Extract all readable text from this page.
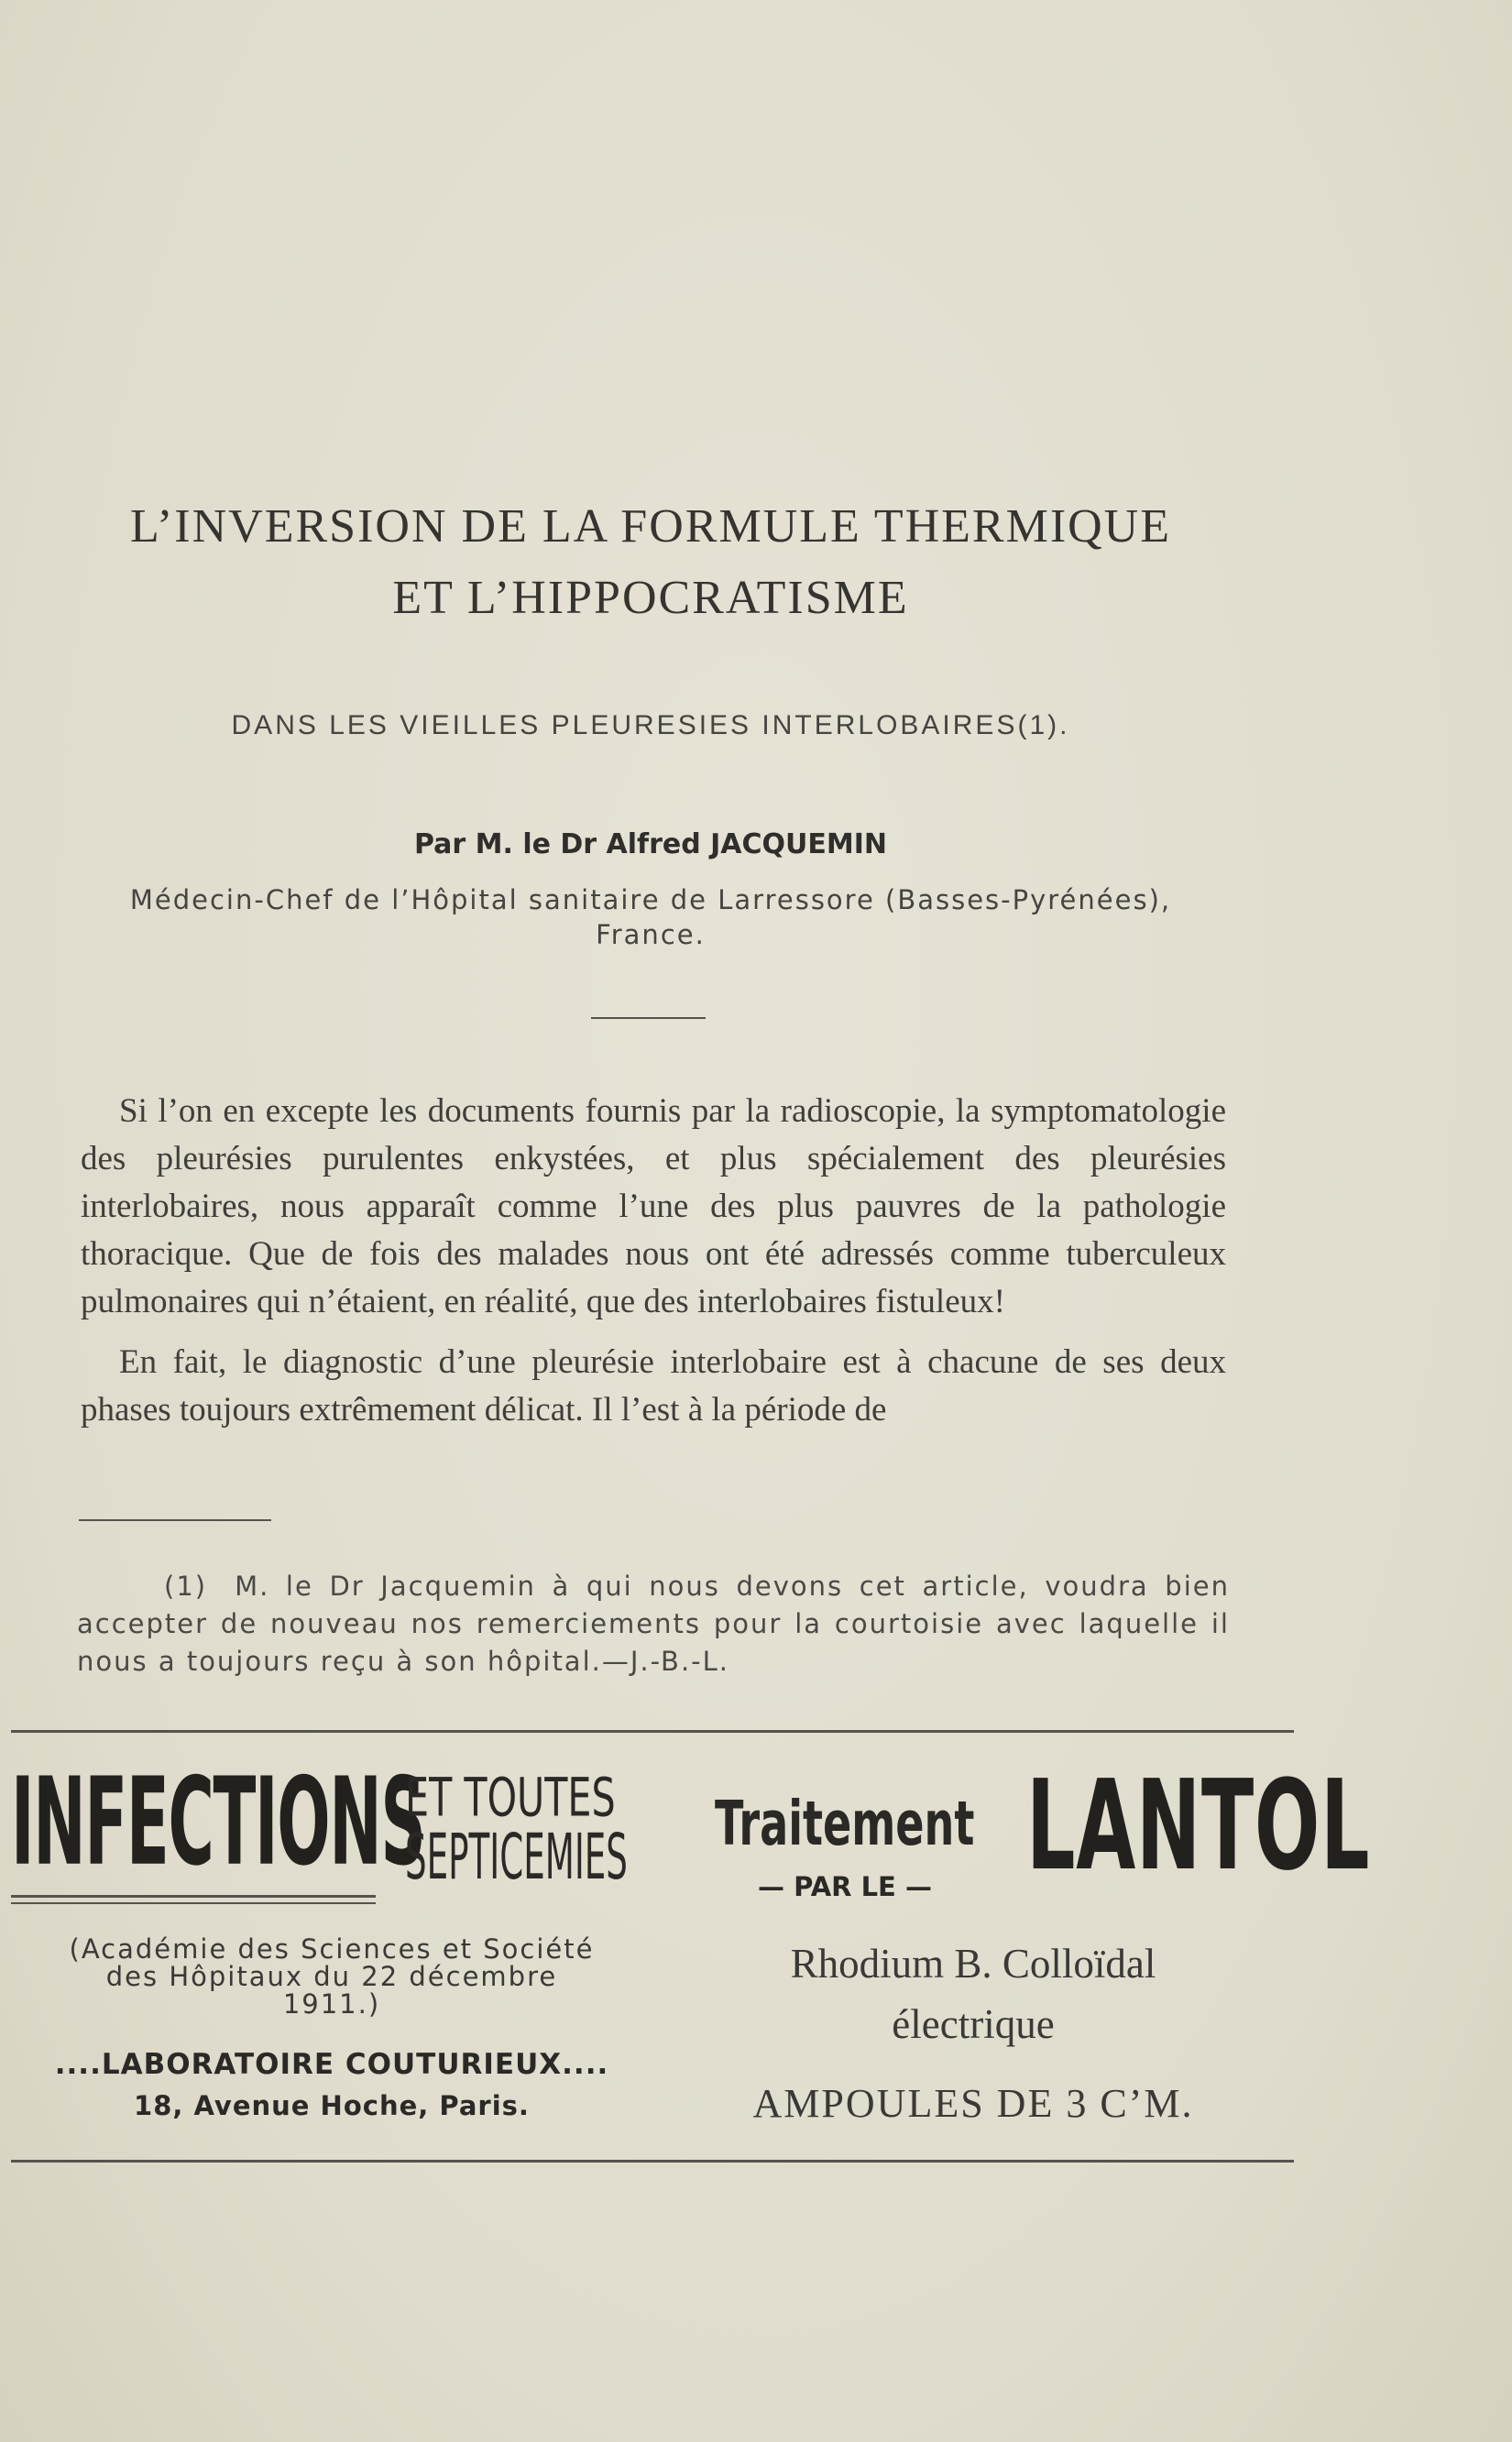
L’INVERSION DE LA FORMULE THERMIQUE
ET L’HIPPOCRATISME
DANS LES VIEILLES PLEURESIES INTERLOBAIRES(1).
Par M. le Dr Alfred JACQUEMIN
Médecin-Chef de l’Hôpital sanitaire de Larressore (Basses-Pyrénées),
France.

Si l’on en excepte les documents fournis par la radioscopie, la symptomatologie des pleurésies purulentes enkystées, et plus spécialement des pleurésies interlobaires, nous apparaît comme l’une des plus pauvres de la pathologie thoracique. Que de fois des malades nous ont été adressés comme tuberculeux pulmonaires qui n’étaient, en réalité, que des interlobaires fistuleux!

En fait, le diagnostic d’une pleurésie interlobaire est à chacune de ses deux phases toujours extrêmement délicat. Il l’est à la période de

(1) M. le Dr Jacquemin à qui nous devons cet article, voudra bien accepter de nouveau nos remerciements pour la courtoisie avec laquelle il nous a toujours reçu à son hôpital.—J.-B.-L.
INFECTIONS
ET TOUTES
SEPTICEMIES Traitement
— PAR LE — LANTOL
(Académie des Sciences et Société
des Hôpitaux du 22 décembre
1911.)
....LABORATOIRE COUTURIEUX....
18, Avenue Hoche, Paris.
Rhodium B. Colloïdal
électrique
AMPOULES DE 3 C’M.
